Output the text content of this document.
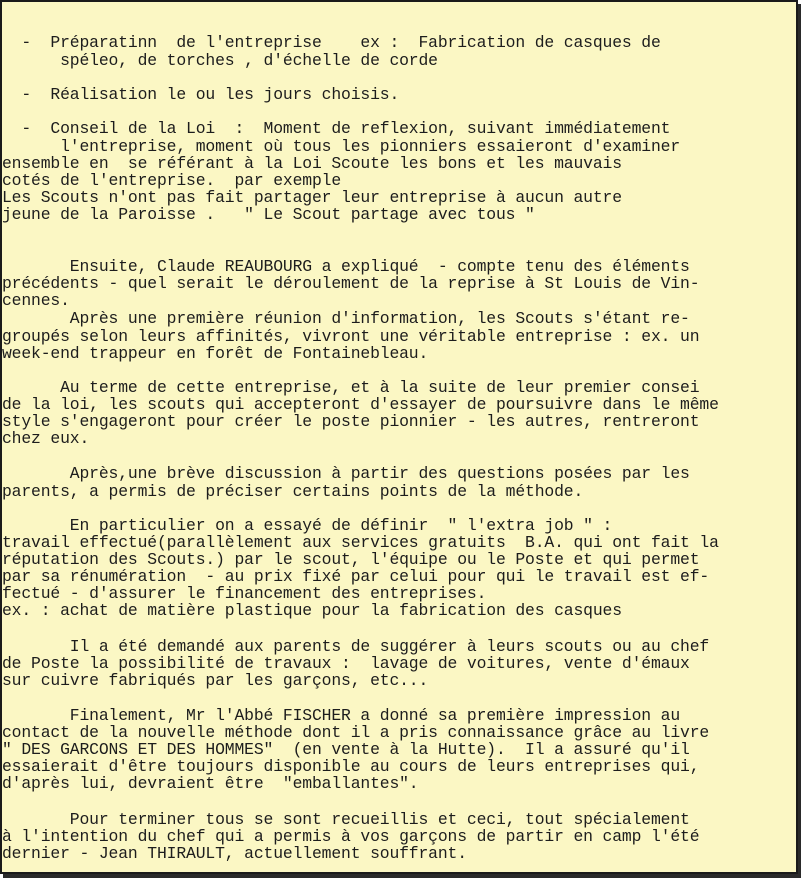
-  Préparatinn  de l'entreprise    ex :  Fabrication de casques de
spéleo, de torches , d'échelle de corde
-  Réalisation le ou les jours choisis.
-  Conseil de la Loi  :  Moment de reflexion, suivant immédiatement
l'entreprise, moment où tous les pionniers essaieront d'examiner
ensemble en  se référant à la Loi Scoute les bons et les mauvais
cotés de l'entreprise.  par exemple
Les Scouts n'ont pas fait partager leur entreprise à aucun autre
jeune de la Paroisse .   " Le Scout partage avec tous "
Ensuite, Claude REAUBOURG a expliqué  - compte tenu des éléments
précédents - quel serait le déroulement de la reprise à St Louis de Vin-
cennes.
Après une première réunion d'information, les Scouts s'étant re-
groupés selon leurs affinités, vivront une véritable entreprise : ex. un
week-end trappeur en forêt de Fontainebleau.
Au terme de cette entreprise, et à la suite de leur premier consei
de la loi, les scouts qui accepteront d'essayer de poursuivre dans le même
style s'engageront pour créer le poste pionnier - les autres, rentreront
chez eux.
Après,une brève discussion à partir des questions posées par les
parents, a permis de préciser certains points de la méthode.
En particulier on a essayé de définir  " l'extra job " :
travail effectué(parallèlement aux services gratuits  B.A. qui ont fait la
réputation des Scouts.) par le scout, l'équipe ou le Poste et qui permet
par sa rénumération  - au prix fixé par celui pour qui le travail est ef-
fectué - d'assurer le financement des entreprises.
ex. : achat de matière plastique pour la fabrication des casques
Il a été demandé aux parents de suggérer à leurs scouts ou au chef
de Poste la possibilité de travaux :  lavage de voitures, vente d'émaux
sur cuivre fabriqués par les garçons, etc...
Finalement, Mr l'Abbé FISCHER a donné sa première impression au
contact de la nouvelle méthode dont il a pris connaissance grâce au livre
" DES GARCONS ET DES HOMMES"  (en vente à la Hutte).  Il a assuré qu'il
essaierait d'être toujours disponible au cours de leurs entreprises qui,
d'après lui, devraient être  "emballantes".
Pour terminer tous se sont recueillis et ceci, tout spécialement
à l'intention du chef qui a permis à vos garçons de partir en camp l'été
dernier - Jean THIRAULT, actuellement souffrant.
